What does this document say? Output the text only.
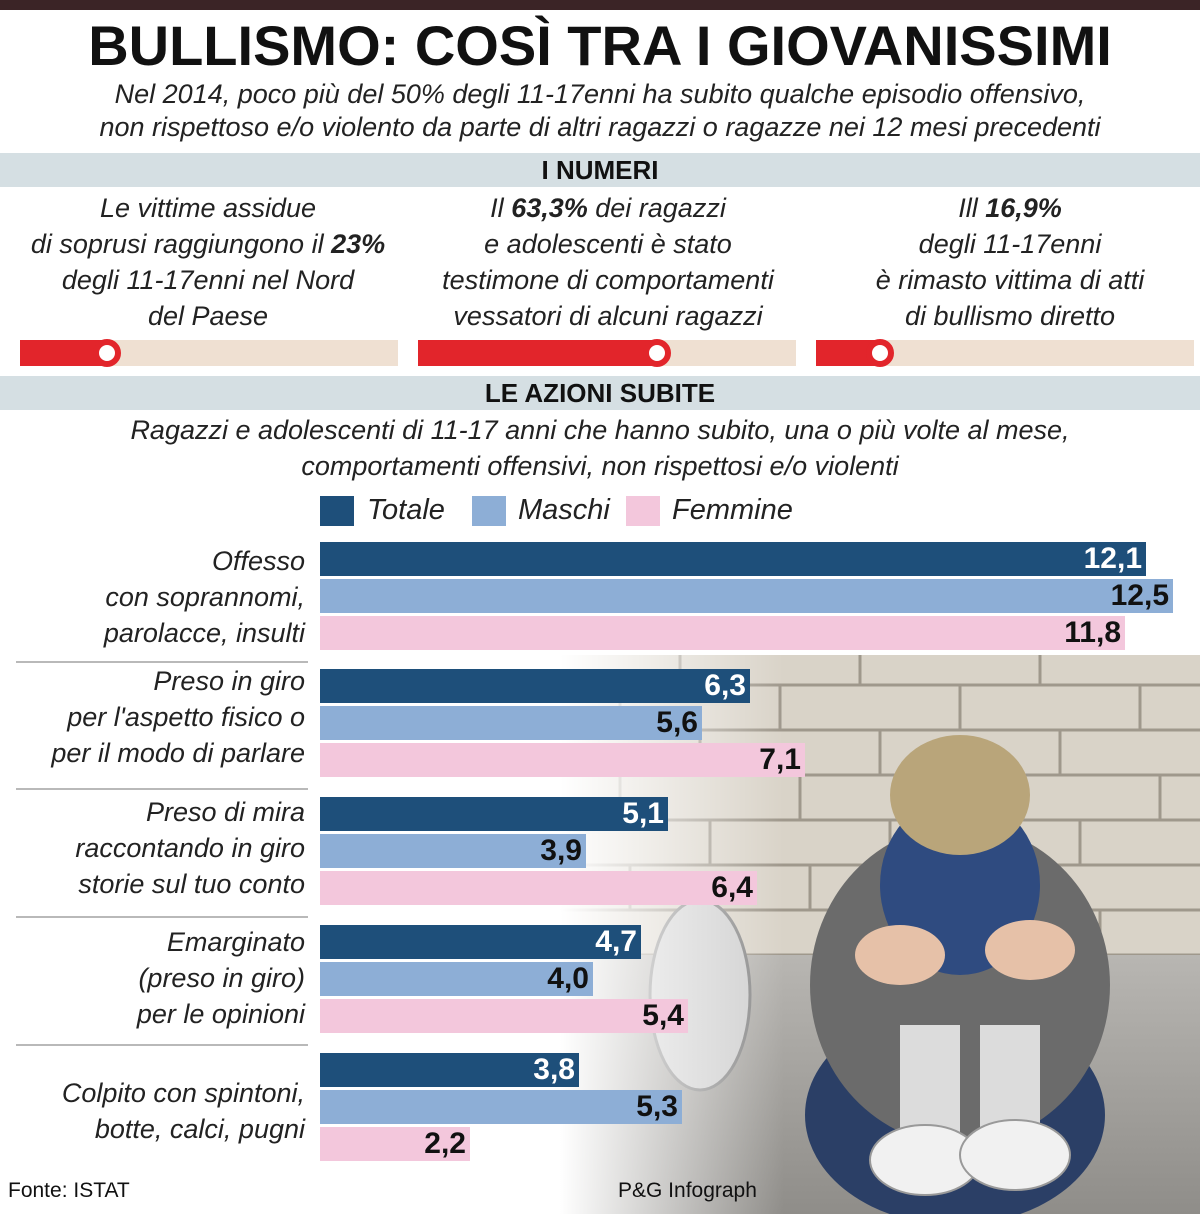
BULLISMO: COSÌ TRA I GIOVANISSIMI
Nel 2014, poco più del 50% degli 11-17enni ha subito qualche episodio offensivo,
non rispettoso e/o violento da parte di altri ragazzi o ragazze nei 12 mesi precedenti
I NUMERI
Le vittime assidue
di soprusi raggiungono il 23%
degli 11-17enni nel Nord
del Paese
Il 63,3% dei ragazzi
e adolescenti è stato
testimone di comportamenti
vessatori di alcuni ragazzi
Ill 16,9%
degli 11-17enni
è rimasto vittima di atti
di bullismo diretto
LE AZIONI SUBITE
Ragazzi e adolescenti di 11-17 anni che hanno subito, una o più volte al mese,
comportamenti offensivi, non rispettosi e/o violenti
Totale	Maschi Femmine
Offesso
con soprannomi,
parolacce, insulti
12,1
12,5
11,8
Preso in giro
per l'aspetto fisico o
per il modo di parlare
6,3
5,6
7,1
Preso di mira
raccontando in giro
storie sul tuo conto
5,1
3,9
6,4
Emarginato
(preso in giro)
per le opinioni
4,7
4,0
5,4
Colpito con spintoni,
botte, calci, pugni
3,8
5,3
2,2
Fonte: ISTAT	P&G Infograph
